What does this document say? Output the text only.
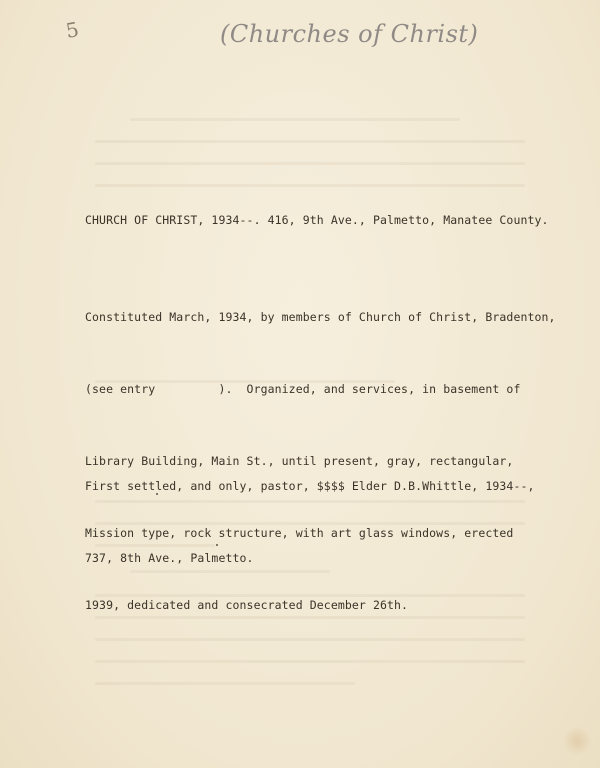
5	(Churches of Christ)

CHURCH OF CHRIST, 1934--. 416, 9th Ave., Palmetto, Manatee County.

Constituted March, 1934, by members of Church of Christ, Bradenton,

(see entry         ).  Organized, and services, in basement of

Library Building, Main St., until present, gray, rectangular,

Mission type, rock structure, with art glass windows, erected

1939, dedicated and consecrated December 26th.

First settled, and only, pastor, $$$$ Elder D.B.Whittle, 1934--,

737, 8th Ave., Palmetto.
